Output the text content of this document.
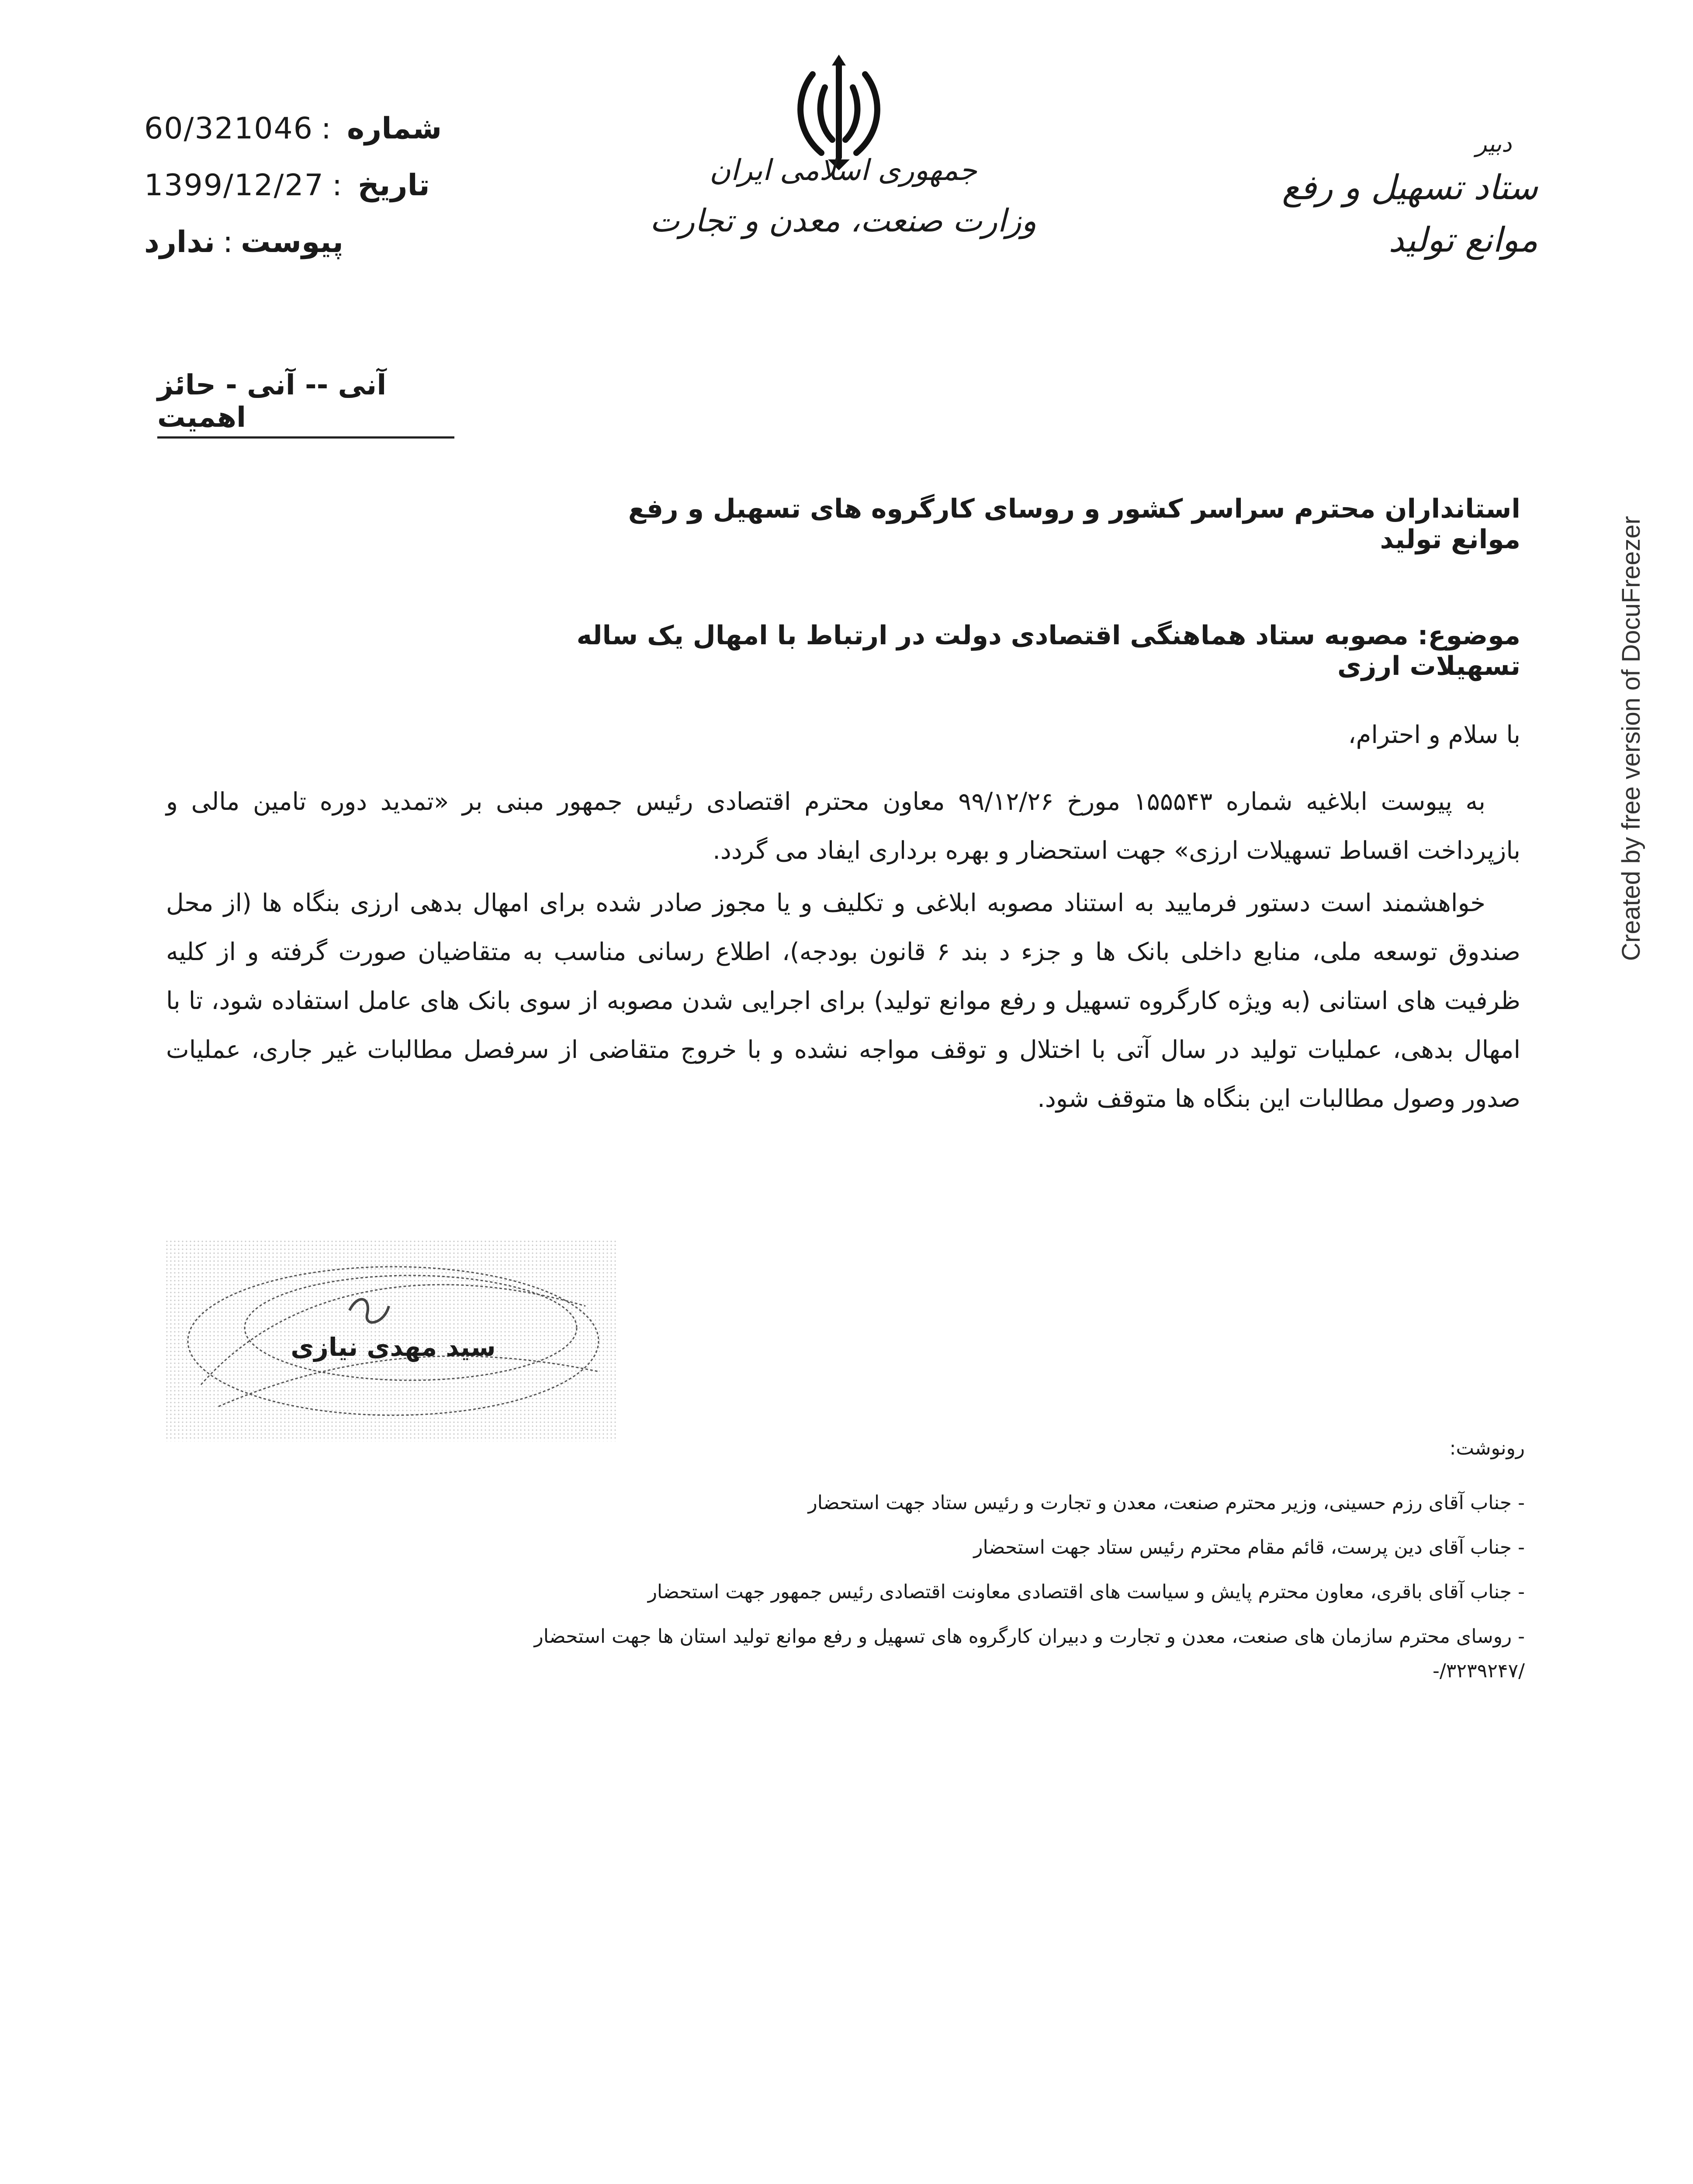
60/321046 : شماره
1399/12/27 : تاریخ
ندارد : پیوست
جمهوری اسلامی ایران
وزارت صنعت، معدن و تجارت
دبیر
ستاد تسهیل و رفع موانع تولید
آنی -- آنی - حائز اهمیت
استانداران محترم سراسر کشور و روسای کارگروه های تسهیل و رفع موانع تولید
موضوع: مصوبه ستاد هماهنگی اقتصادی دولت در ارتباط با امهال یک ساله تسهیلات ارزی
با سلام و احترام،

به پیوست ابلاغیه شماره ۱۵۵۵۴۳ مورخ ۹۹/۱۲/۲۶ معاون محترم اقتصادی رئیس جمهور مبنی بر «تمدید دوره تامین مالی و بازپرداخت اقساط تسهیلات ارزی» جهت استحضار و بهره برداری ایفاد می گردد.

خواهشمند است دستور فرمایید به استناد مصوبه ابلاغی و تکلیف و یا مجوز صادر شده برای امهال بدهی ارزی بنگاه ها (از محل صندوق توسعه ملی، منابع داخلی بانک ها و جزء د بند ۶ قانون بودجه)، اطلاع رسانی مناسب به متقاضیان صورت گرفته و از کلیه ظرفیت های استانی (به ویژه کارگروه تسهیل و رفع موانع تولید) برای اجرایی شدن مصوبه از سوی بانک های عامل استفاده شود، تا با امهال بدهی، عملیات تولید در سال آتی با اختلال و توقف مواجه نشده و با خروج متقاضی از سرفصل مطالبات غیر جاری، عملیات صدور وصول مطالبات این بنگاه ها متوقف شود.

سید مهدی نیازی
رونوشت:
- جناب آقای رزم حسینی، وزیر محترم صنعت، معدن و تجارت و رئیس ستاد جهت استحضار
- جناب آقای دین پرست، قائم مقام محترم رئیس ستاد جهت استحضار
- جناب آقای باقری، معاون محترم پایش و سیاست های اقتصادی معاونت اقتصادی رئیس جمهور جهت استحضار
- روسای محترم سازمان های صنعت، معدن و تجارت و دبیران کارگروه های تسهیل و رفع موانع تولید استان ها جهت استحضار
/۳۲۳۹۲۴۷/-
Created by free version of DocuFreezer
